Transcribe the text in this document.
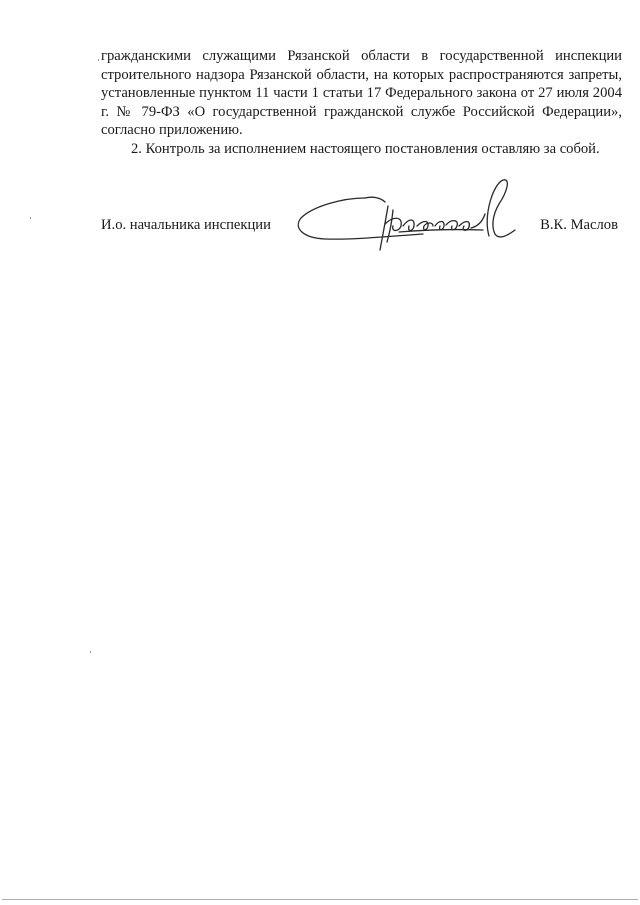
гражданскими служащими Рязанской области в государственной инспекции строительного надзора Рязанской области, на которых распространяются запреты, установленные пунктом 11 части 1 статьи 17 Федерального закона от 27 июля 2004 г. № 79-ФЗ «О государственной гражданской службе Российской Федерации», согласно приложению.

2. Контроль за исполнением настоящего постановления оставляю за собой.

И.о. начальника инспекции	В.К. Маслов
